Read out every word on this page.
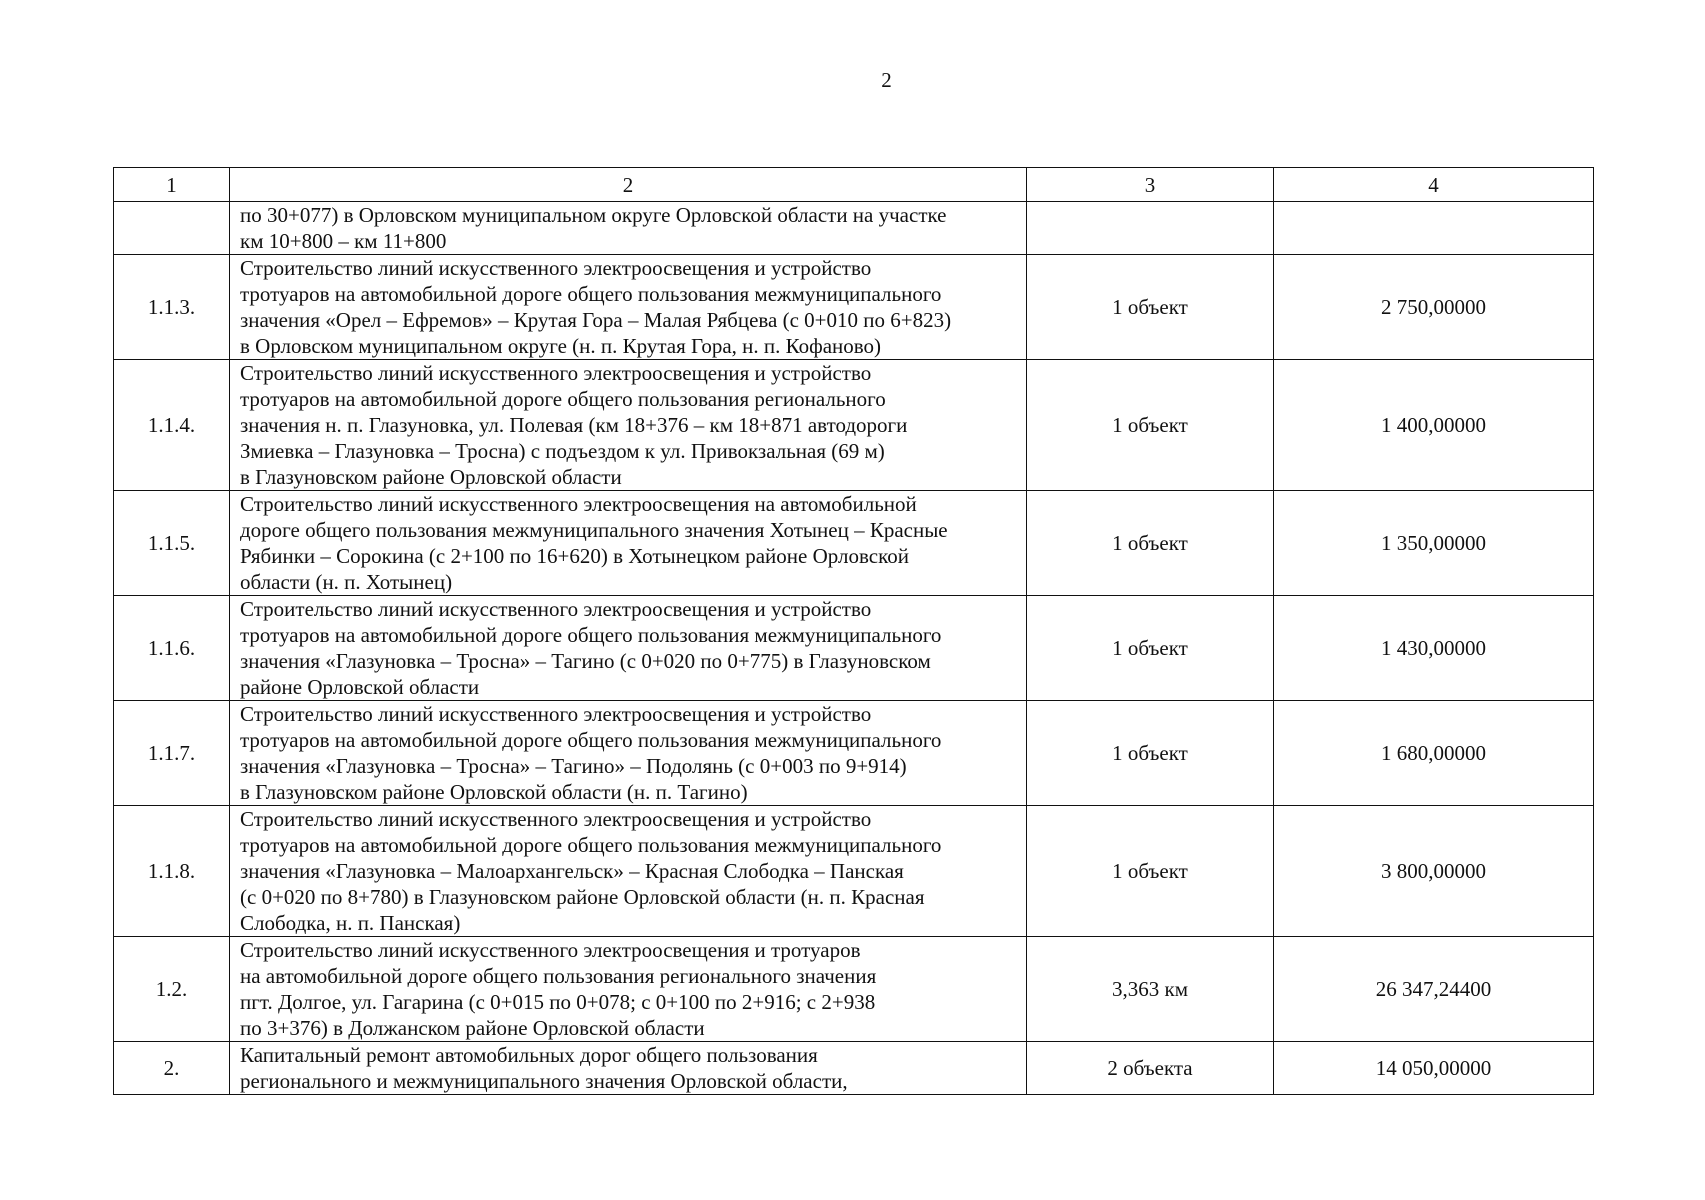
2
1	2	3	4

	по 30+077) в Орловском муниципальном округе Орловской области на участке
км 10+800 – км 11+800		

1.1.3.	Строительство линий искусственного электроосвещения и устройство
тротуаров на автомобильной дороге общего пользования межмуниципального
значения «Орел – Ефремов» – Крутая Гора – Малая Рябцева (с 0+010 по 6+823)
в Орловском муниципальном округе (н. п. Крутая Гора, н. п. Кофаново)	1 объект	2 750,00000
1.1.4.	Строительство линий искусственного электроосвещения и устройство
тротуаров на автомобильной дороге общего пользования регионального
значения н. п. Глазуновка, ул. Полевая (км 18+376 – км 18+871 автодороги
Змиевка – Глазуновка – Тросна) с подъездом к ул. Привокзальная (69 м)
в Глазуновском районе Орловской области	1 объект	1 400,00000
1.1.5.	Строительство линий искусственного электроосвещения на автомобильной
дороге общего пользования межмуниципального значения Хотынец – Красные
Рябинки – Сорокина (с 2+100 по 16+620) в Хотынецком районе Орловской
области (н. п. Хотынец)	1 объект	1 350,00000
1.1.6.	Строительство линий искусственного электроосвещения и устройство
тротуаров на автомобильной дороге общего пользования межмуниципального
значения «Глазуновка – Тросна» – Тагино (с 0+020 по 0+775) в Глазуновском
районе Орловской области	1 объект	1 430,00000
1.1.7.	Строительство линий искусственного электроосвещения и устройство
тротуаров на автомобильной дороге общего пользования межмуниципального
значения «Глазуновка – Тросна» – Тагино» – Подолянь (с 0+003 по 9+914)
в Глазуновском районе Орловской области (н. п. Тагино)	1 объект	1 680,00000
1.1.8.	Строительство линий искусственного электроосвещения и устройство
тротуаров на автомобильной дороге общего пользования межмуниципального
значения «Глазуновка – Малоархангельск» – Красная Слободка – Панская
(с 0+020 по 8+780) в Глазуновском районе Орловской области (н. п. Красная
Слободка, н. п. Панская)	1 объект	3 800,00000
1.2.	Строительство линий искусственного электроосвещения и тротуаров
на автомобильной дороге общего пользования регионального значения
пгт. Долгое, ул. Гагарина (с 0+015 по 0+078; с 0+100 по 2+916; с 2+938
по 3+376) в Должанском районе Орловской области	3,363 км	26 347,24400
2.	Капитальный ремонт автомобильных дорог общего пользования
регионального и межмуниципального значения Орловской области,	2 объекта	14 050,00000
